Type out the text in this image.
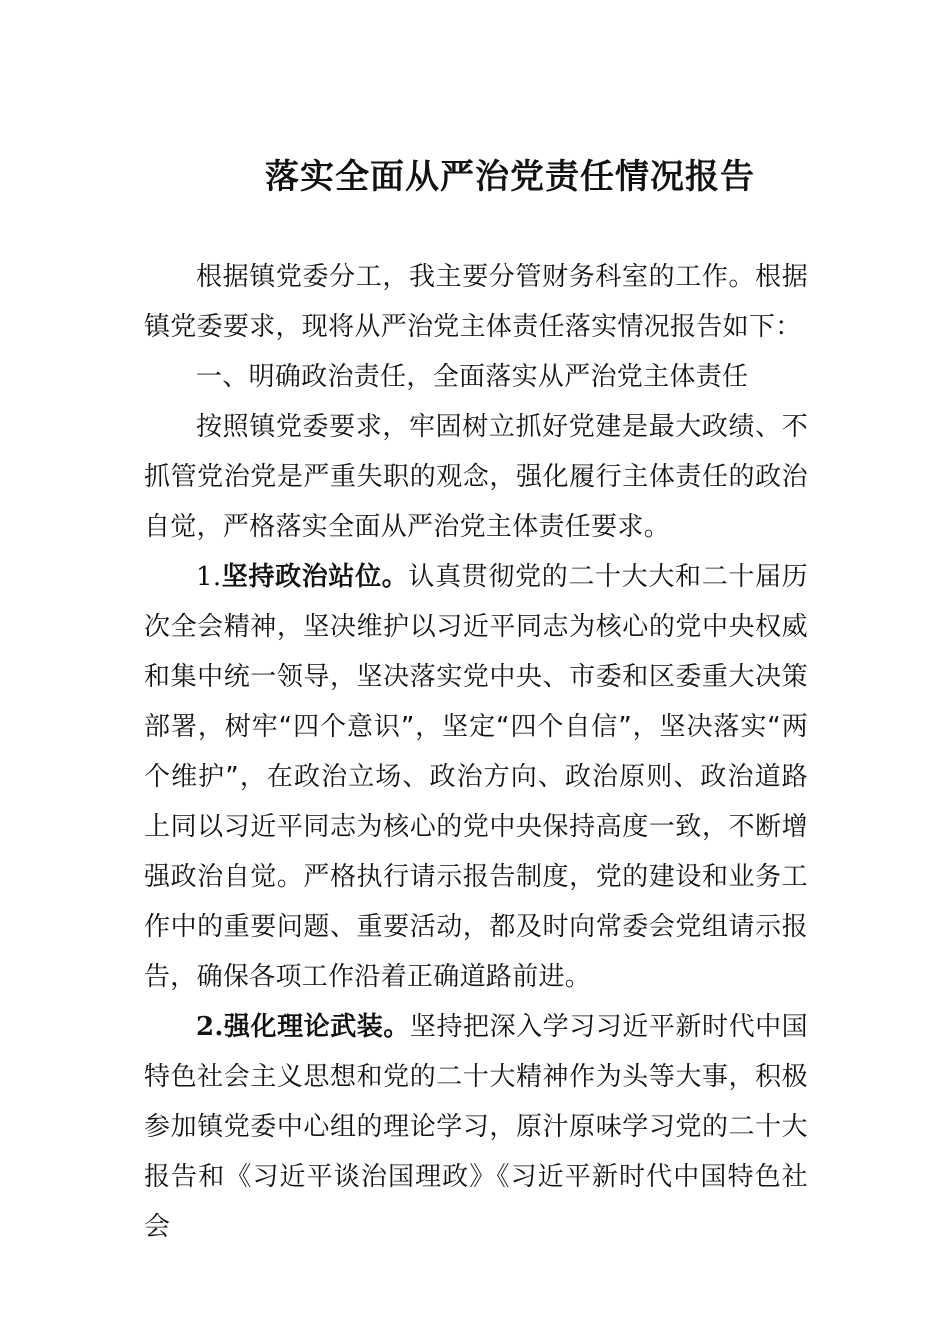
落实全面从严治党责任情况报告

根据镇党委分工，我主要分管财务科室的工作。根据镇党委要求，现将从严治党主体责任落实情况报告如下：

一、明确政治责任，全面落实从严治党主体责任

按照镇党委要求，牢固树立抓好党建是最大政绩、不抓管党治党是严重失职的观念，强化履行主体责任的政治自觉，严格落实全面从严治党主体责任要求。

1.坚持政治站位。认真贯彻党的二十大大和二十届历次全会精神，坚决维护以习近平同志为核心的党中央权威和集中统一领导，坚决落实党中央、市委和区委重大决策部署，树牢“四个意识”，坚定“四个自信”，坚决落实“两个维护”，在政治立场、政治方向、政治原则、政治道路上同以习近平同志为核心的党中央保持高度一致，不断增强政治自觉。严格执行请示报告制度，党的建设和业务工作中的重要问题、重要活动，都及时向常委会党组请示报告，确保各项工作沿着正确道路前进。

2.强化理论武装。坚持把深入学习习近平新时代中国特色社会主义思想和党的二十大精神作为头等大事，积极参加镇党委中心组的理论学习，原汁原味学习党的二十大报告和《习近平谈治国理政》《习近平新时代中国特色社会
